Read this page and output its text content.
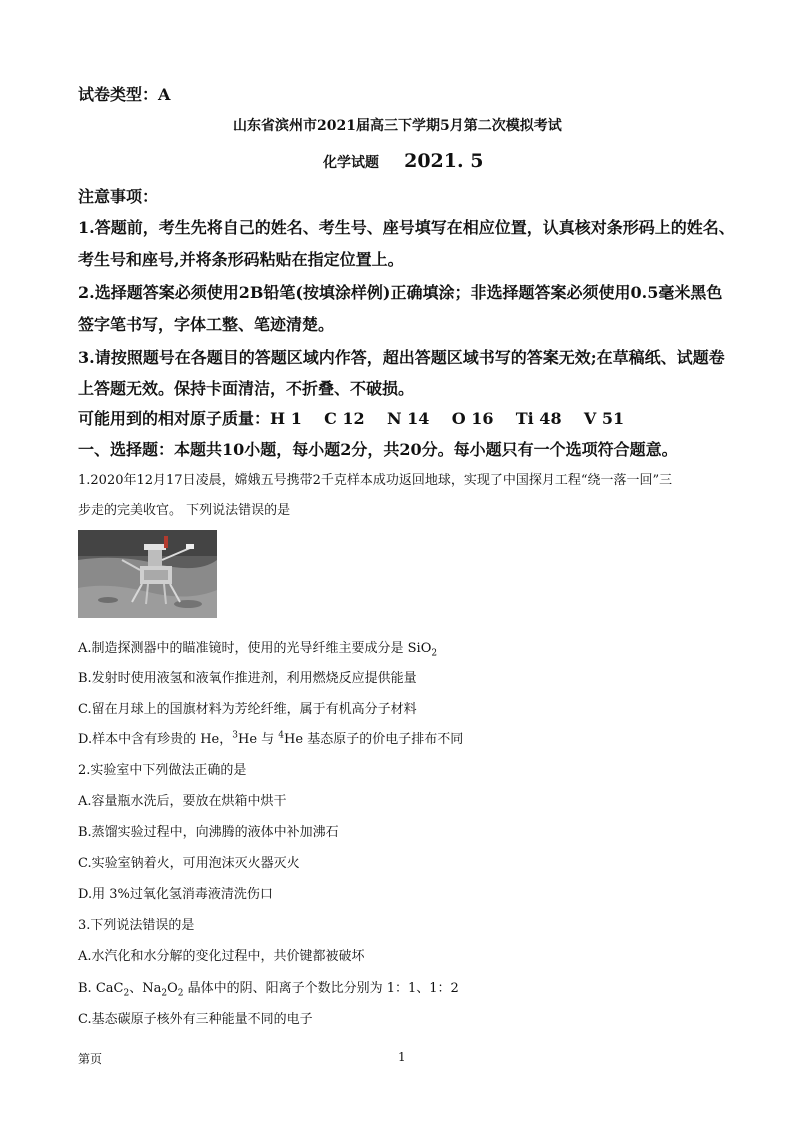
试卷类型：A
山东省滨州市2021届高三下学期5月第二次模拟考试
化学试题 2021. 5
注意事项：
1.答题前，考生先将自己的姓名、考生号、座号填写在相应位置，认真核对条形码上的姓名、
考生号和座号,并将条形码粘贴在指定位置上。
2.选择题答案必须使用2B铅笔(按填涂样例)正确填涂；非选择题答案必须使用0.5毫米黑色
签字笔书写，字体工整、笔迹清楚。
3.请按照题号在各题目的答题区域内作答，超出答题区域书写的答案无效;在草稿纸、试题卷
上答题无效。保持卡面清洁，不折叠、不破损。
可能用到的相对原子质量：H 1    C 12    N 14    O 16    Ti 48    V 51
一、选择题：本题共10小题，每小题2分，共20分。每小题只有一个选项符合题意。
1.2020年12月17日凌晨，嫦娥五号携带2千克样本成功返回地球，实现了中国探月工程“绕一落一回”三
步走的完美收官。 下列说法错误的是
A.制造探测器中的瞄准镜时，使用的光导纤维主要成分是 SiO$_2$
B.发射时使用液氢和液氧作推进剂，利用燃烧反应提供能量
C.留在月球上的国旗材料为芳纶纤维，属于有机高分子材料
D.样本中含有珍贵的 He，$^3$He 与 $^4$He 基态原子的价电子排布不同
2.实验室中下列做法正确的是
A.容量瓶水洗后，要放在烘箱中烘干
B.蒸馏实验过程中，向沸腾的液体中补加沸石
C.实验室钠着火，可用泡沫灭火器灭火
D.用 3%过氧化氢消毒液清洗伤口
3.下列说法错误的是
A.水汽化和水分解的变化过程中，共价键都被破坏
B. CaC$_2$、$Na_2O_2$ 晶体中的阴、阳离子个数比分别为 1：1、1：2
C.基态碳原子核外有三种能量不同的电子
第页	1
